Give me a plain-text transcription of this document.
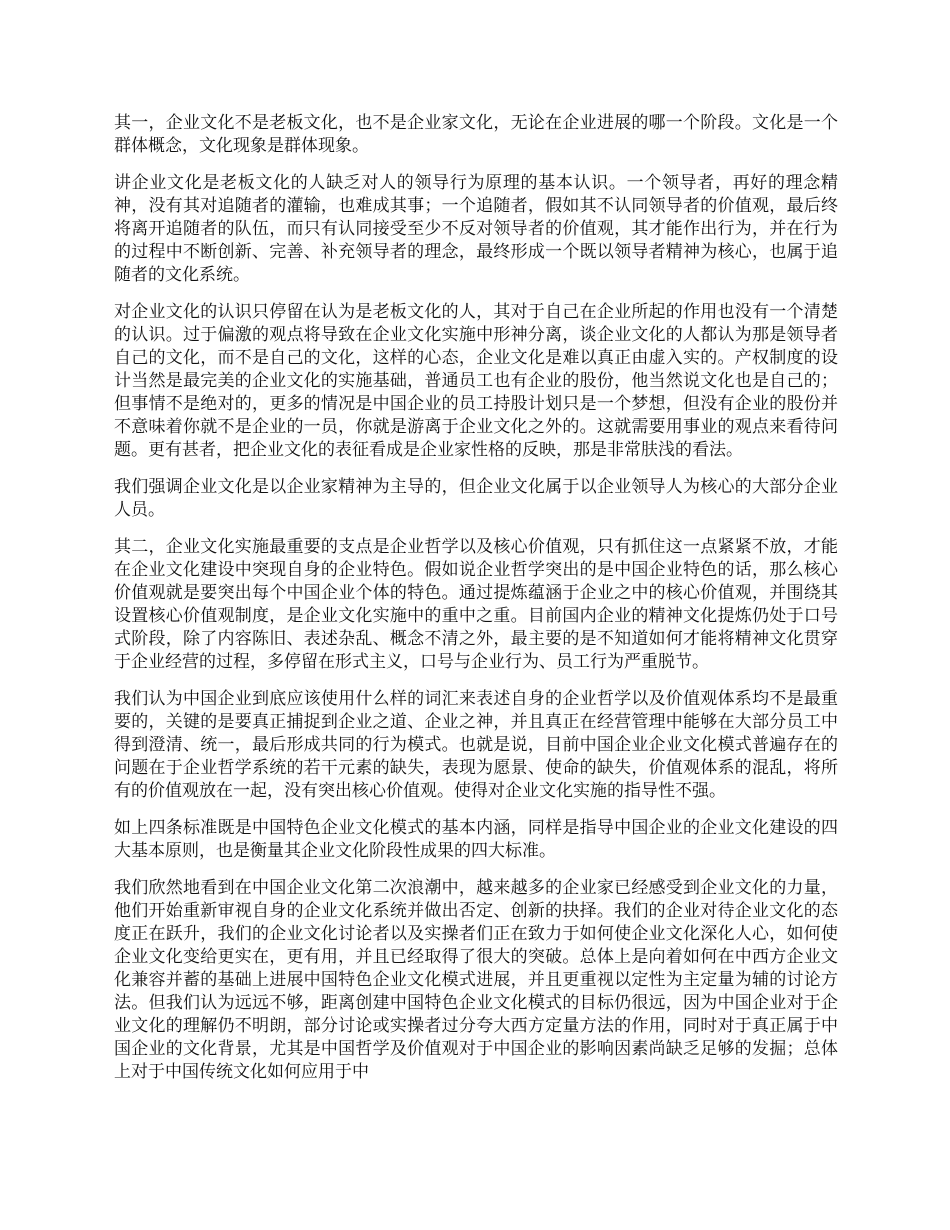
其一，企业文化不是老板文化，也不是企业家文化，无论在企业进展的哪一个阶段。文化是一个群体概念，文化现象是群体现象。

讲企业文化是老板文化的人缺乏对人的领导行为原理的基本认识。一个领导者，再好的理念精神，没有其对追随者的灌输，也难成其事；一个追随者，假如其不认同领导者的价值观，最后终将离开追随者的队伍，而只有认同接受至少不反对领导者的价值观，其才能作出行为，并在行为的过程中不断创新、完善、补充领导者的理念，最终形成一个既以领导者精神为核心，也属于追随者的文化系统。

对企业文化的认识只停留在认为是老板文化的人，其对于自己在企业所起的作用也没有一个清楚的认识。过于偏激的观点将导致在企业文化实施中形神分离，谈企业文化的人都认为那是领导者自己的文化，而不是自己的文化，这样的心态，企业文化是难以真正由虚入实的。产权制度的设计当然是最完美的企业文化的实施基础，普通员工也有企业的股份，他当然说文化也是自己的；但事情不是绝对的，更多的情况是中国企业的员工持股计划只是一个梦想，但没有企业的股份并不意味着你就不是企业的一员，你就是游离于企业文化之外的。这就需要用事业的观点来看待问题。更有甚者，把企业文化的表征看成是企业家性格的反映，那是非常肤浅的看法。

我们强调企业文化是以企业家精神为主导的，但企业文化属于以企业领导人为核心的大部分企业人员。

其二，企业文化实施最重要的支点是企业哲学以及核心价值观，只有抓住这一点紧紧不放，才能在企业文化建设中突现自身的企业特色。假如说企业哲学突出的是中国企业特色的话，那么核心价值观就是要突出每个中国企业个体的特色。通过提炼蕴涵于企业之中的核心价值观，并围绕其设置核心价值观制度，是企业文化实施中的重中之重。目前国内企业的精神文化提炼仍处于口号式阶段，除了内容陈旧、表述杂乱、概念不清之外，最主要的是不知道如何才能将精神文化贯穿于企业经营的过程，多停留在形式主义，口号与企业行为、员工行为严重脱节。

我们认为中国企业到底应该使用什么样的词汇来表述自身的企业哲学以及价值观体系均不是最重要的，关键的是要真正捕捉到企业之道、企业之神，并且真正在经营管理中能够在大部分员工中得到澄清、统一，最后形成共同的行为模式。也就是说，目前中国企业企业文化模式普遍存在的问题在于企业哲学系统的若干元素的缺失，表现为愿景、使命的缺失，价值观体系的混乱，将所有的价值观放在一起，没有突出核心价值观。使得对企业文化实施的指导性不强。

如上四条标准既是中国特色企业文化模式的基本内涵，同样是指导中国企业的企业文化建设的四大基本原则，也是衡量其企业文化阶段性成果的四大标准。

我们欣然地看到在中国企业文化第二次浪潮中，越来越多的企业家已经感受到企业文化的力量，他们开始重新审视自身的企业文化系统并做出否定、创新的抉择。我们的企业对待企业文化的态度正在跃升，我们的企业文化讨论者以及实操者们正在致力于如何使企业文化深化人心，如何使企业文化变给更实在，更有用，并且已经取得了很大的突破。总体上是向着如何在中西方企业文化兼容并蓄的基础上进展中国特色企业文化模式进展，并且更重视以定性为主定量为辅的讨论方法。但我们认为远远不够，距离创建中国特色企业文化模式的目标仍很远，因为中国企业对于企业文化的理解仍不明朗，部分讨论或实操者过分夸大西方定量方法的作用，同时对于真正属于中国企业的文化背景，尤其是中国哲学及价值观对于中国企业的影响因素尚缺乏足够的发掘；总体上对于中国传统文化如何应用于中
